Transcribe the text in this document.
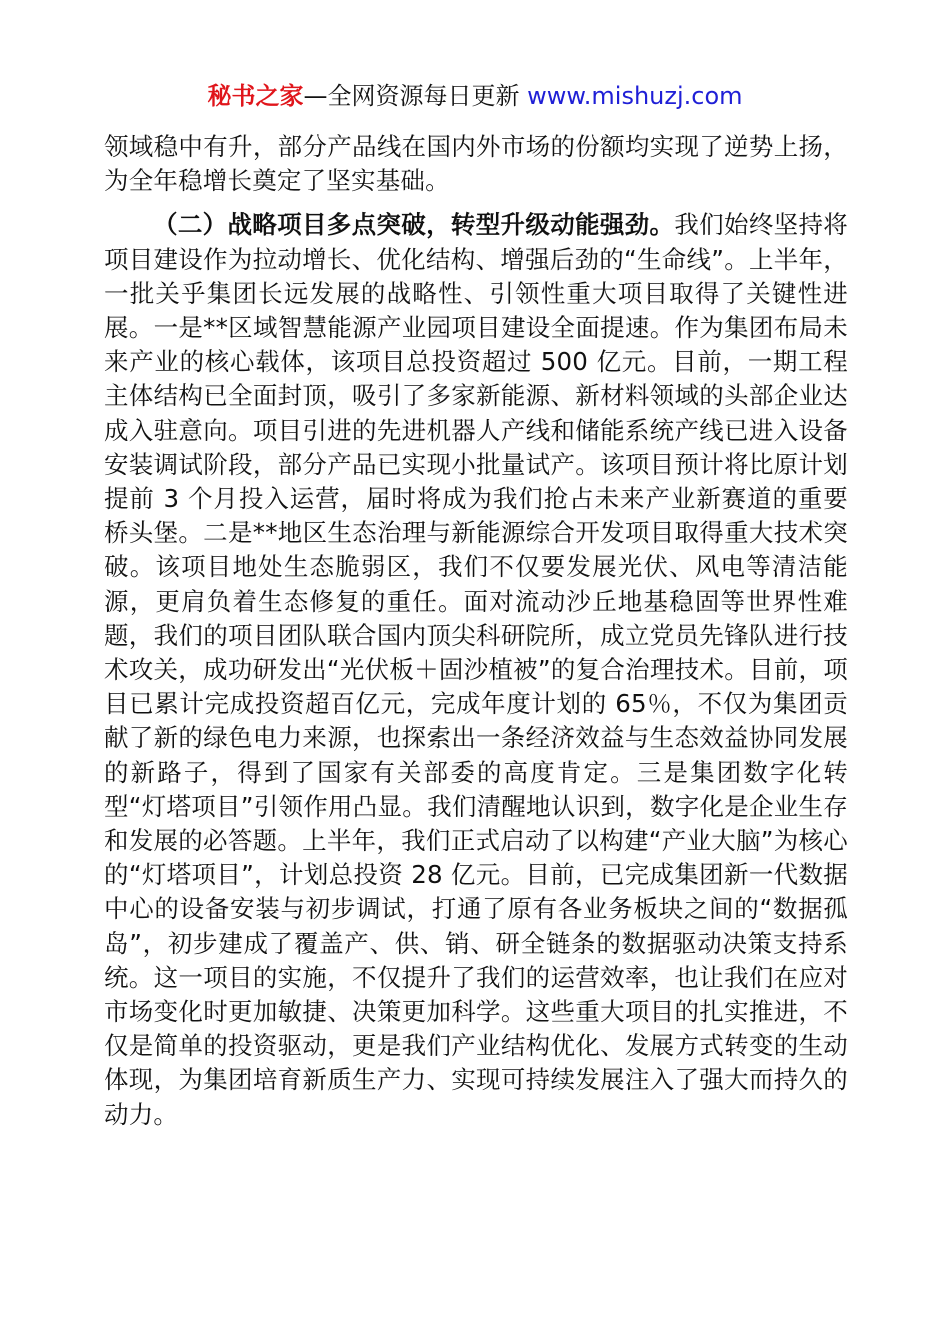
秘书之家—全网资源每日更新 www.mishuzj.com

领域稳中有升，部分产品线在国内外市场的份额均实现了逆势上扬，为全年稳增长奠定了坚实基础。

（二）战略项目多点突破，转型升级动能强劲。我们始终坚持将项目建设作为拉动增长、优化结构、增强后劲的“生命线”。上半年，一批关乎集团长远发展的战略性、引领性重大项目取得了关键性进展。一是**区域智慧能源产业园项目建设全面提速。作为集团布局未来产业的核心载体，该项目总投资超过 500 亿元。目前，一期工程主体结构已全面封顶，吸引了多家新能源、新材料领域的头部企业达成入驻意向。项目引进的先进机器人产线和储能系统产线已进入设备安装调试阶段，部分产品已实现小批量试产。该项目预计将比原计划提前 3 个月投入运营，届时将成为我们抢占未来产业新赛道的重要桥头堡。二是**地区生态治理与新能源综合开发项目取得重大技术突破。该项目地处生态脆弱区，我们不仅要发展光伏、风电等清洁能源，更肩负着生态修复的重任。面对流动沙丘地基稳固等世界性难题，我们的项目团队联合国内顶尖科研院所，成立党员先锋队进行技术攻关，成功研发出“光伏板＋固沙植被”的复合治理技术。目前，项目已累计完成投资超百亿元，完成年度计划的 65％，不仅为集团贡献了新的绿色电力来源，也探索出一条经济效益与生态效益协同发展的新路子，得到了国家有关部委的高度肯定。三是集团数字化转型“灯塔项目”引领作用凸显。我们清醒地认识到，数字化是企业生存和发展的必答题。上半年，我们正式启动了以构建“产业大脑”为核心的“灯塔项目”，计划总投资 28 亿元。目前，已完成集团新一代数据中心的设备安装与初步调试，打通了原有各业务板块之间的“数据孤岛”，初步建成了覆盖产、供、销、研全链条的数据驱动决策支持系统。这一项目的实施，不仅提升了我们的运营效率，也让我们在应对市场变化时更加敏捷、决策更加科学。这些重大项目的扎实推进，不仅是简单的投资驱动，更是我们产业结构优化、发展方式转变的生动体现，为集团培育新质生产力、实现可持续发展注入了强大而持久的动力。
